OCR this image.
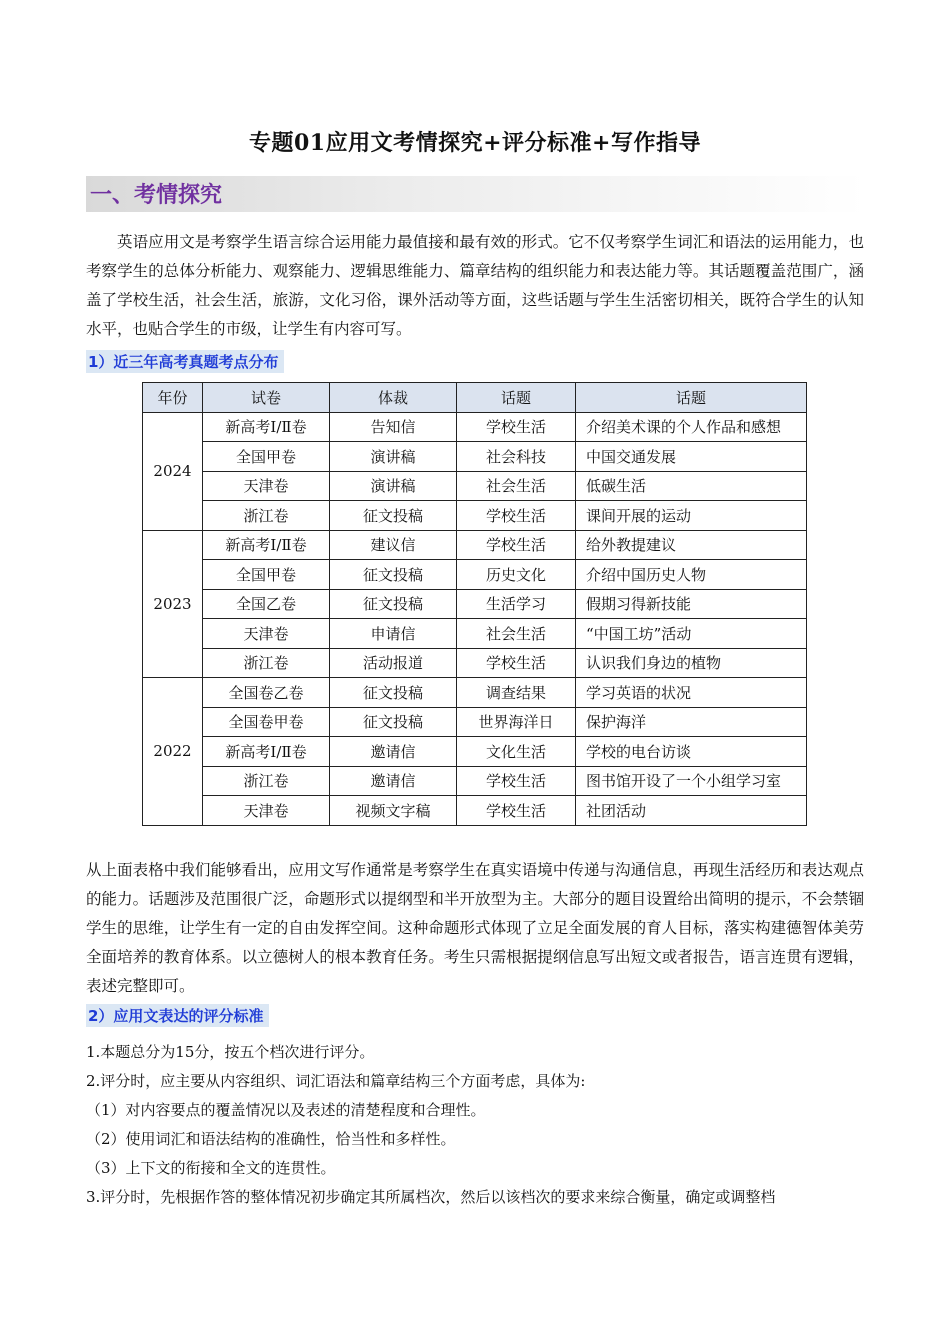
专题01应用文考情探究+评分标准+写作指导
一、考情探究
英语应用文是考察学生语言综合运用能力最值接和最有效的形式。它不仅考察学生词汇和语法的运用能力，也考察学生的总体分析能力、观察能力、逻辑思维能力、篇章结构的组织能力和表达能力等。其话题覆盖范围广，涵盖了学校生活，社会生活，旅游，文化习俗，课外活动等方面，这些话题与学生生活密切相关，既符合学生的认知水平，也贴合学生的市级，让学生有内容可写。
1）近三年高考真题考点分布
年份	试卷	体裁	话题	话题
2024	新高考Ⅰ/Ⅱ卷	告知信	学校生活	介绍美术课的个人作品和感想
	全国甲卷	演讲稿	社会科技	中国交通发展
	天津卷	演讲稿	社会生活	低碳生活
	浙江卷	征文投稿	学校生活	课间开展的运动
2023	新高考Ⅰ/Ⅱ卷	建议信	学校生活	给外教提建议
	全国甲卷	征文投稿	历史文化	介绍中国历史人物
	全国乙卷	征文投稿	生活学习	假期习得新技能
	天津卷	申请信	社会生活	“中国工坊”活动
	浙江卷	活动报道	学校生活	认识我们身边的植物
2022	全国卷乙卷	征文投稿	调查结果	学习英语的状况
	全国卷甲卷	征文投稿	世界海洋日	保护海洋
	新高考Ⅰ/Ⅱ卷	邀请信	文化生活	学校的电台访谈
	浙江卷	邀请信	学校生活	图书馆开设了一个小组学习室
	天津卷	视频文字稿	学校生活	社团活动
从上面表格中我们能够看出，应用文写作通常是考察学生在真实语境中传递与沟通信息，再现生活经历和表达观点的能力。话题涉及范围很广泛，命题形式以提纲型和半开放型为主。大部分的题目设置给出简明的提示，不会禁锢学生的思维，让学生有一定的自由发挥空间。这种命题形式体现了立足全面发展的育人目标，落实构建德智体美劳全面培养的教育体系。以立德树人的根本教育任务。考生只需根据提纲信息写出短文或者报告，语言连贯有逻辑，表述完整即可。
2）应用文表达的评分标准
1.本题总分为15分，按五个档次进行评分。
2.评分时，应主要从内容组织、词汇语法和篇章结构三个方面考虑，具体为:
（1）对内容要点的覆盖情况以及表述的清楚程度和合理性。
（2）使用词汇和语法结构的准确性，恰当性和多样性。
（3）上下文的衔接和全文的连贯性。
3.评分时，先根据作答的整体情况初步确定其所属档次，然后以该档次的要求来综合衡量，确定或调整档
